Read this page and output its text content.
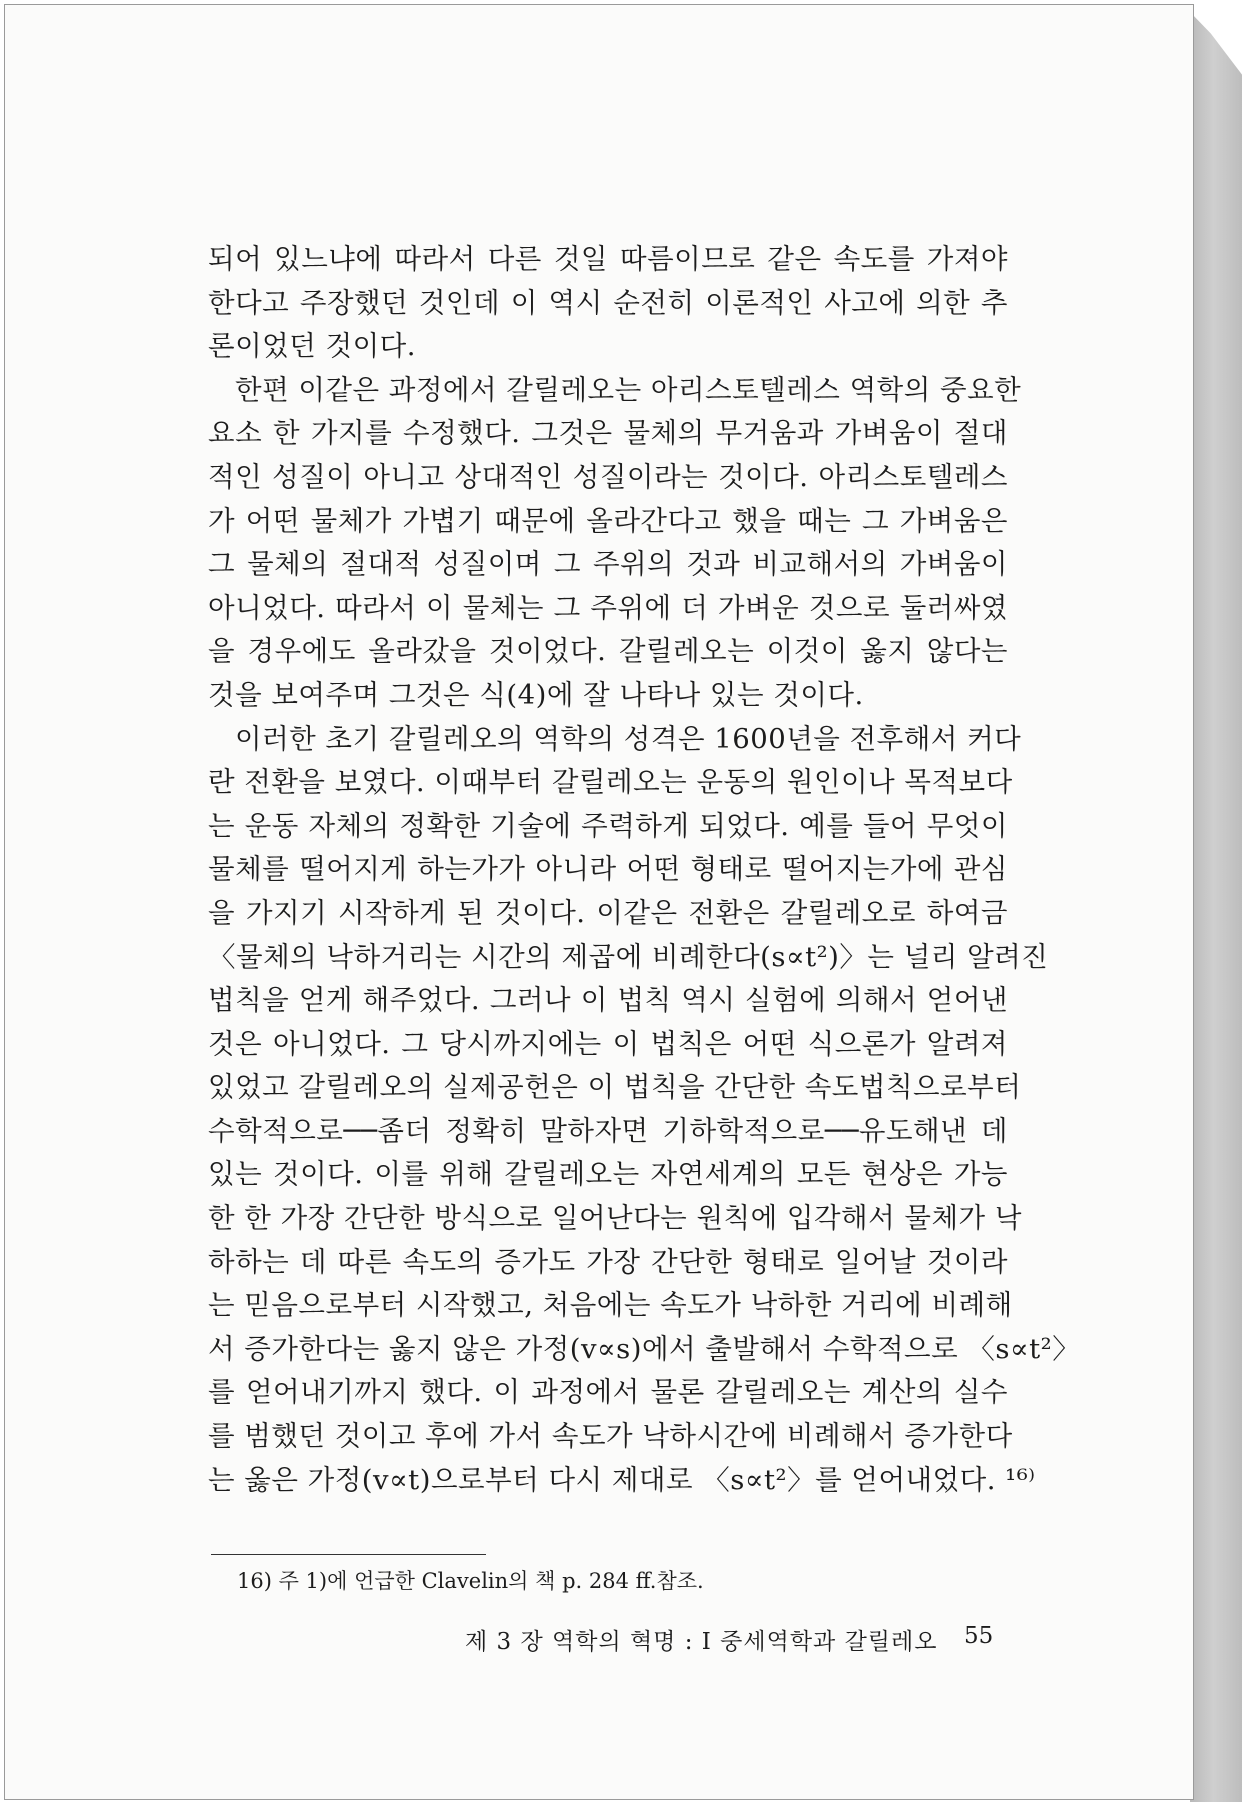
되어 있느냐에 따라서 다른 것일 따름이므로 같은 속도를 가져야
한다고 주장했던 것인데 이 역시 순전히 이론적인 사고에 의한 추
론이었던 것이다.
한편 이같은 과정에서 갈릴레오는 아리스토텔레스 역학의 중요한
요소 한 가지를 수정했다. 그것은 물체의 무거움과 가벼움이 절대
적인 성질이 아니고 상대적인 성질이라는 것이다. 아리스토텔레스
가 어떤 물체가 가볍기 때문에 올라간다고 했을 때는 그 가벼움은
그 물체의 절대적 성질이며 그 주위의 것과 비교해서의 가벼움이
아니었다. 따라서 이 물체는 그 주위에 더 가벼운 것으로 둘러싸였
을 경우에도 올라갔을 것이었다. 갈릴레오는 이것이 옳지 않다는
것을 보여주며 그것은 식(4)에 잘 나타나 있는 것이다.
이러한 초기 갈릴레오의 역학의 성격은 1600년을 전후해서 커다
란 전환을 보였다. 이때부터 갈릴레오는 운동의 원인이나 목적보다
는 운동 자체의 정확한 기술에 주력하게 되었다. 예를 들어 무엇이
물체를 떨어지게 하는가가 아니라 어떤 형태로 떨어지는가에 관심
을 가지기 시작하게 된 것이다. 이같은 전환은 갈릴레오로 하여금
〈물체의 낙하거리는 시간의 제곱에 비례한다(s∝t²)〉는 널리 알려진
법칙을 얻게 해주었다. 그러나 이 법칙 역시 실험에 의해서 얻어낸
것은 아니었다. 그 당시까지에는 이 법칙은 어떤 식으론가 알려져
있었고 갈릴레오의 실제공헌은 이 법칙을 간단한 속도법칙으로부터
수학적으로──좀더 정확히 말하자면 기하학적으로──유도해낸 데
있는 것이다. 이를 위해 갈릴레오는 자연세계의 모든 현상은 가능
한 한 가장 간단한 방식으로 일어난다는 원칙에 입각해서 물체가 낙
하하는 데 따른 속도의 증가도 가장 간단한 형태로 일어날 것이라
는 믿음으로부터 시작했고, 처음에는 속도가 낙하한 거리에 비례해
서 증가한다는 옳지 않은 가정(v∝s)에서 출발해서 수학적으로 〈s∝t²〉
를 얻어내기까지 했다. 이 과정에서 물론 갈릴레오는 계산의 실수
를 범했던 것이고 후에 가서 속도가 낙하시간에 비례해서 증가한다
는 옳은 가정(v∝t)으로부터 다시 제대로 〈s∝t²〉를 얻어내었다. ¹⁶⁾
16) 주 1)에 언급한 Clavelin의 책 p. 284 ff.참조.
제 3 장 역학의 혁명 : I 중세역학과 갈릴레오 55
